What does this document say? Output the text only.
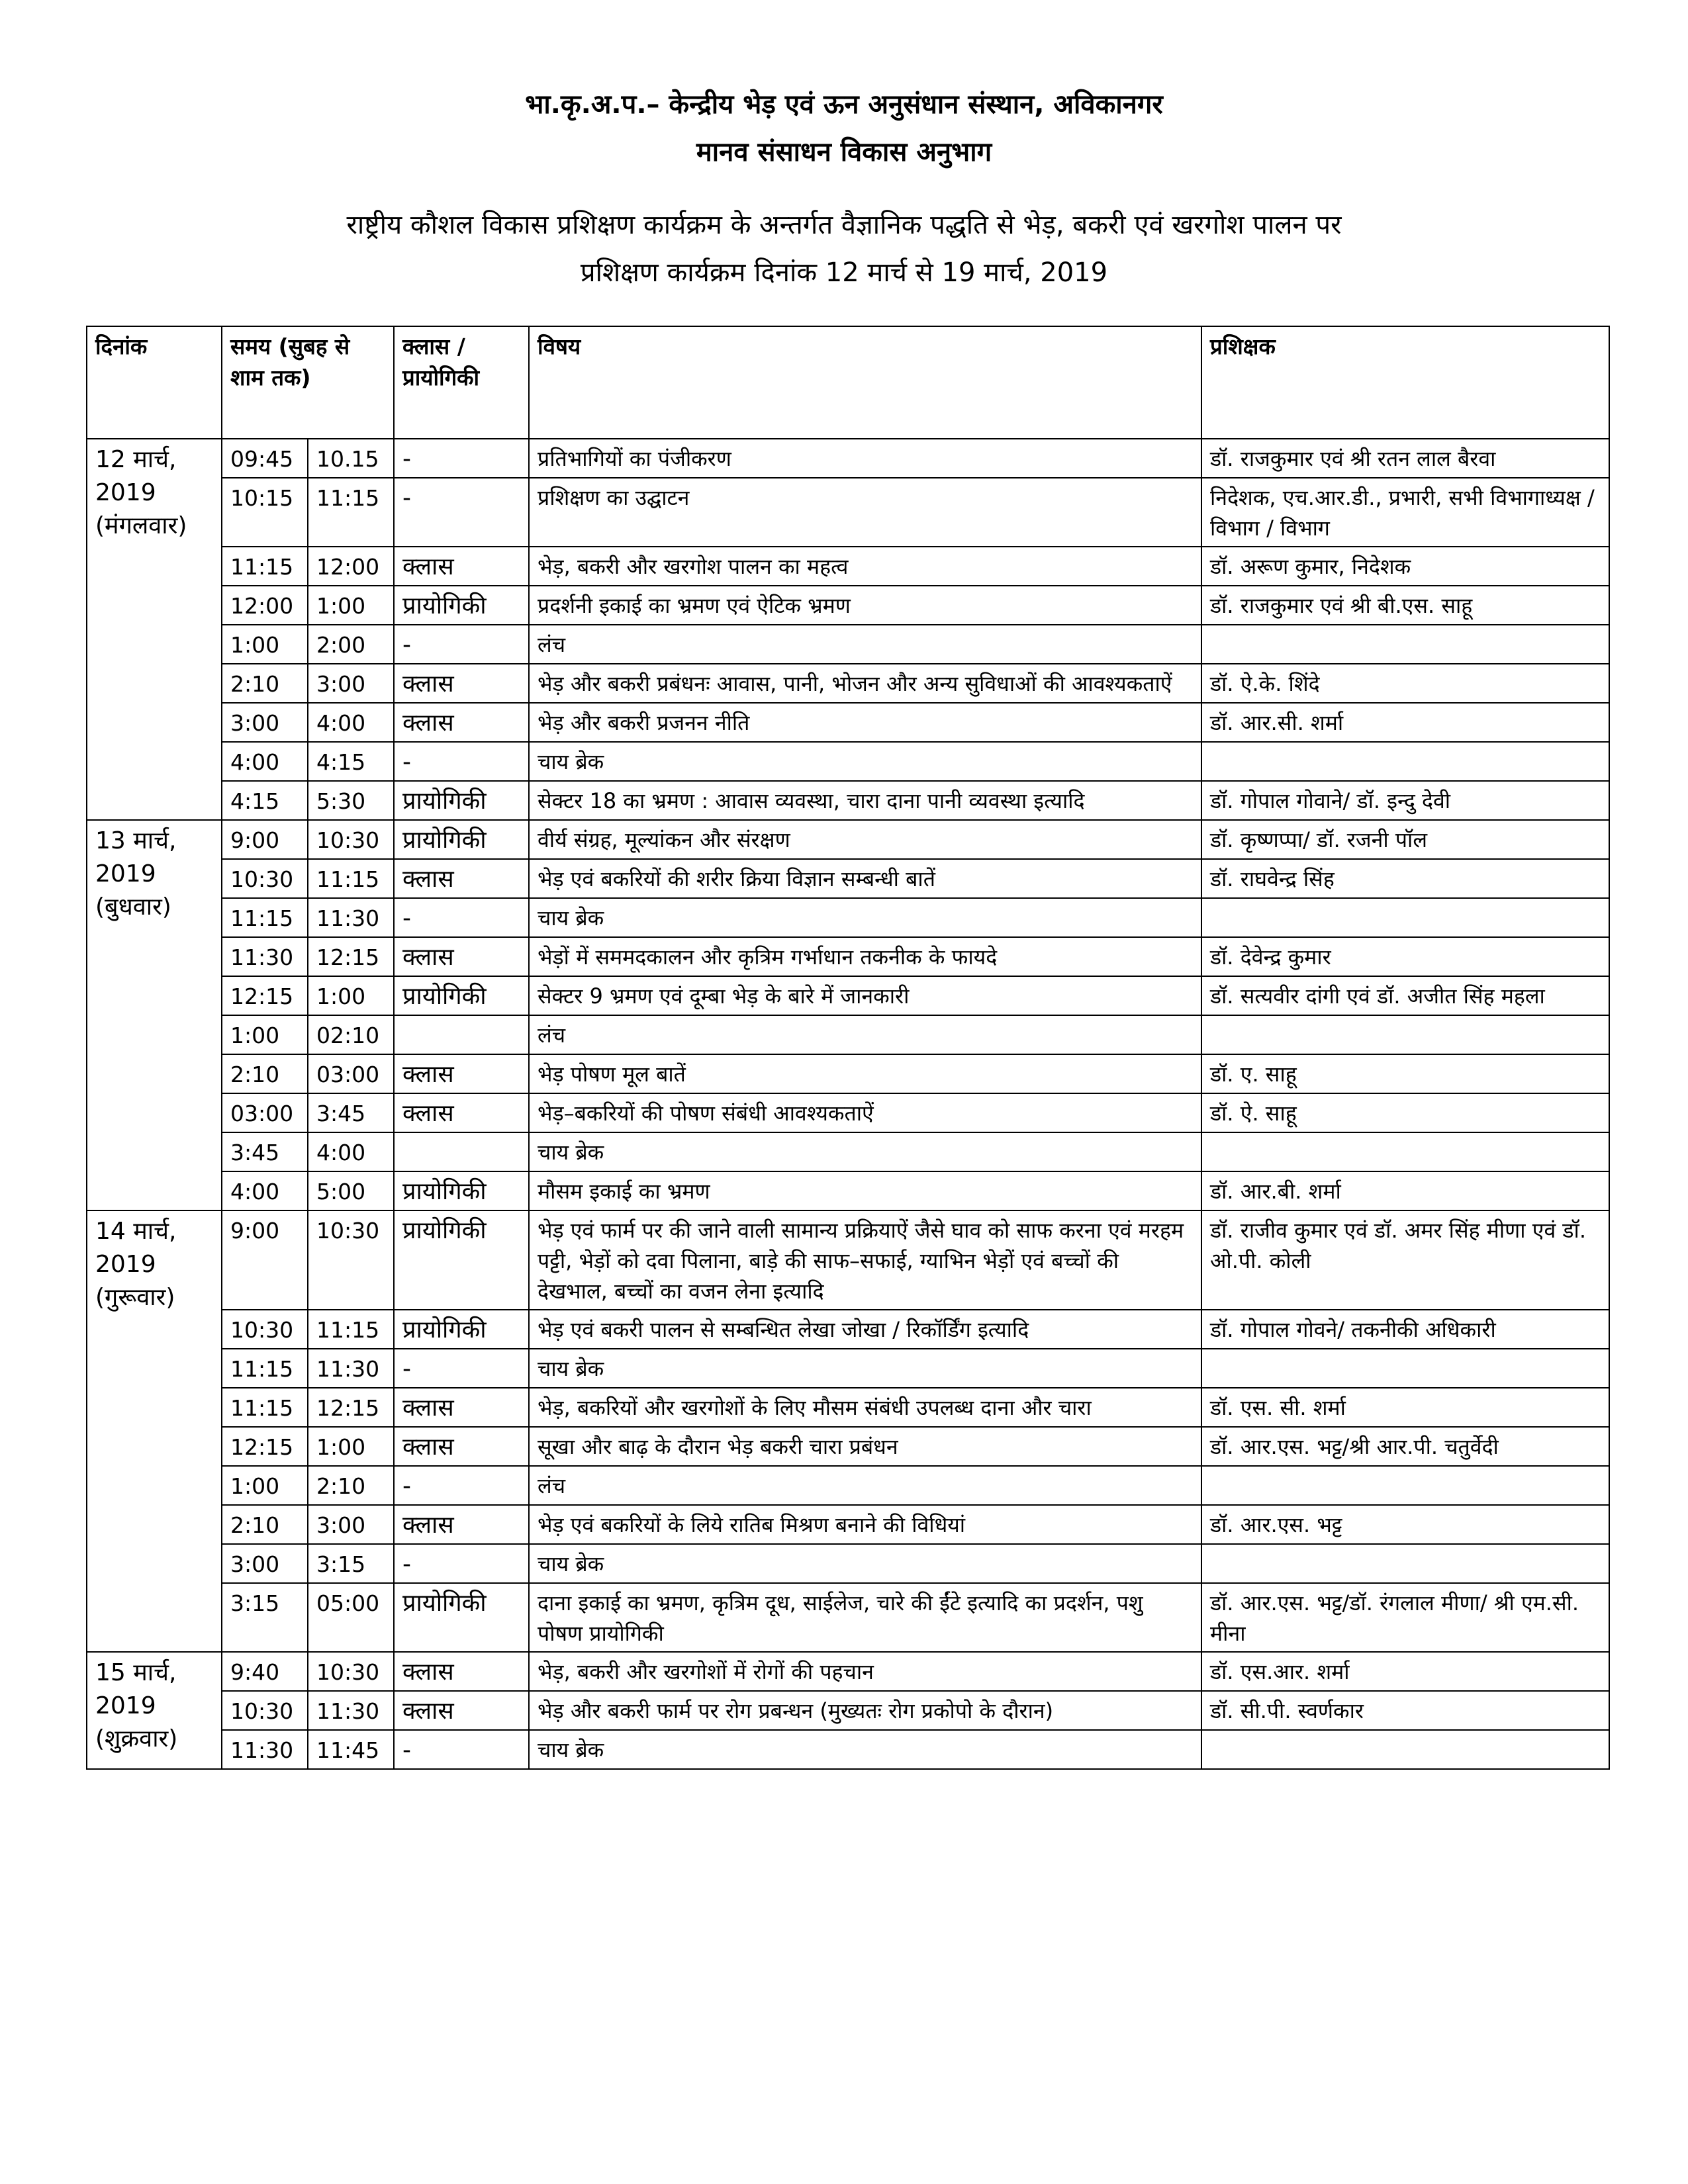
भा.कृ.अ.प.– केन्द्रीय भेड़ एवं ऊन अनुसंधान संस्थान, अविकानगर
मानव संसाधन विकास अनुभाग
राष्ट्रीय कौशल विकास प्रशिक्षण कार्यक्रम के अन्तर्गत वैज्ञानिक पद्धति से भेड़, बकरी एवं खरगोश पालन पर
प्रशिक्षण कार्यक्रम दिनांक 12 मार्च से 19 मार्च, 2019
दिनांक	समय (सुबह से शाम तक)		क्लास /प्रायोगिकी	विषय	प्रशिक्षक
12 मार्च, 2019 (मंगलवार)	09:45	10.15	-	प्रतिभागियों का पंजीकरण	डॉ. राजकुमार एवं श्री रतन लाल बैरवा
	10:15	11:15	-	प्रशिक्षण का उद्घाटन	निदेशक, एच.आर.डी., प्रभारी, सभी विभागाध्यक्ष / विभाग / विभाग
	11:15	12:00	क्लास	भेड़, बकरी और खरगोश पालन का महत्व	डॉ. अरूण कुमार, निदेशक
	12:00	1:00	प्रायोगिकी	प्रदर्शनी इकाई का भ्रमण एवं ऐटिक भ्रमण	डॉ. राजकुमार एवं श्री बी.एस. साहू
	1:00	2:00	-	लंच	
	2:10	3:00	क्लास	भेड़ और बकरी प्रबंधनः आवास, पानी, भोजन और अन्य सुविधाओं की आवश्यकताऐं	डॉ. ऐ.के. शिंदे
	3:00	4:00	क्लास	भेड़ और बकरी प्रजनन नीति	डॉ. आर.सी. शर्मा
	4:00	4:15	-	चाय ब्रेक	
	4:15	5:30	प्रायोगिकी	सेक्टर 18 का भ्रमण : आवास व्यवस्था, चारा दाना पानी व्यवस्था इत्यादि	डॉ. गोपाल गोवाने/ डॉ. इन्दु देवी
13 मार्च, 2019 (बुधवार)	9:00	10:30	प्रायोगिकी	वीर्य संग्रह, मूल्यांकन और संरक्षण	डॉ. कृष्णप्पा/ डॉ. रजनी पॉल
	10:30	11:15	क्लास	भेड़ एवं बकरियों की शरीर क्रिया विज्ञान सम्बन्धी बातें	डॉ. राघवेन्द्र सिंह
	11:15	11:30	-	चाय ब्रेक	
	11:30	12:15	क्लास	भेड़ों में सममदकालन और कृत्रिम गर्भाधान तकनीक के फायदे	डॉ. देवेन्द्र कुमार
	12:15	1:00	प्रायोगिकी	सेक्टर 9 भ्रमण एवं दूम्बा भेड़ के बारे में जानकारी	डॉ. सत्यवीर दांगी एवं डॉ. अजीत सिंह महला
	1:00	02:10		लंच	
	2:10	03:00	क्लास	भेड़ पोषण मूल बातें	डॉ. ए. साहू
	03:00	3:45	क्लास	भेड़–बकरियों की पोषण संबंधी आवश्यकताऐं	डॉ. ऐ. साहू
	3:45	4:00		चाय ब्रेक	
	4:00	5:00	प्रायोगिकी	मौसम इकाई का भ्रमण	डॉ. आर.बी. शर्मा
14 मार्च, 2019 (गुरूवार)	9:00	10:30	प्रायोगिकी	भेड़ एवं फार्म पर की जाने वाली सामान्य प्रक्रियाऐं जैसे घाव को साफ करना एवं मरहम पट्टी, भेड़ों को दवा पिलाना, बाड़े की साफ–सफाई, ग्याभिन भेड़ों एवं बच्चों की देखभाल, बच्चों का वजन लेना इत्यादि	डॉ. राजीव कुमार एवं डॉ. अमर सिंह मीणा एवं डॉ. ओ.पी. कोली
	10:30	11:15	प्रायोगिकी	भेड़ एवं बकरी पालन से सम्बन्धित लेखा जोखा / रिकॉर्डिंग इत्यादि	डॉ. गोपाल गोवने/ तकनीकी अधिकारी
	11:15	11:30	-	चाय ब्रेक	
	11:15	12:15	क्लास	भेड़, बकरियों और खरगोशों के लिए मौसम संबंधी उपलब्ध दाना और चारा	डॉ. एस. सी. शर्मा
	12:15	1:00	क्लास	सूखा और बाढ़ के दौरान भेड़ बकरी चारा प्रबंधन	डॉ. आर.एस. भट्ट/श्री आर.पी. चतुर्वेदी
	1:00	2:10	-	लंच	
	2:10	3:00	क्लास	भेड़ एवं बकरियों के लिये रातिब मिश्रण बनाने की विधियां	डॉ. आर.एस. भट्ट
	3:00	3:15	-	चाय ब्रेक	
	3:15	05:00	प्रायोगिकी	दाना इकाई का भ्रमण, कृत्रिम दूध, साईलेज, चारे की ईंटे इत्यादि का प्रदर्शन, पशु पोषण प्रायोगिकी	डॉ. आर.एस. भट्ट/डॉ. रंगलाल मीणा/ श्री एम.सी. मीना
15 मार्च, 2019 (शुक्रवार)	9:40	10:30	क्लास	भेड़, बकरी और खरगोशों में रोगों की पहचान	डॉ. एस.आर. शर्मा
	10:30	11:30	क्लास	भेड़ और बकरी फार्म पर रोग प्रबन्धन (मुख्यतः रोग प्रकोपो के दौरान)	डॉ. सी.पी. स्वर्णकार
	11:30	11:45	-	चाय ब्रेक	
